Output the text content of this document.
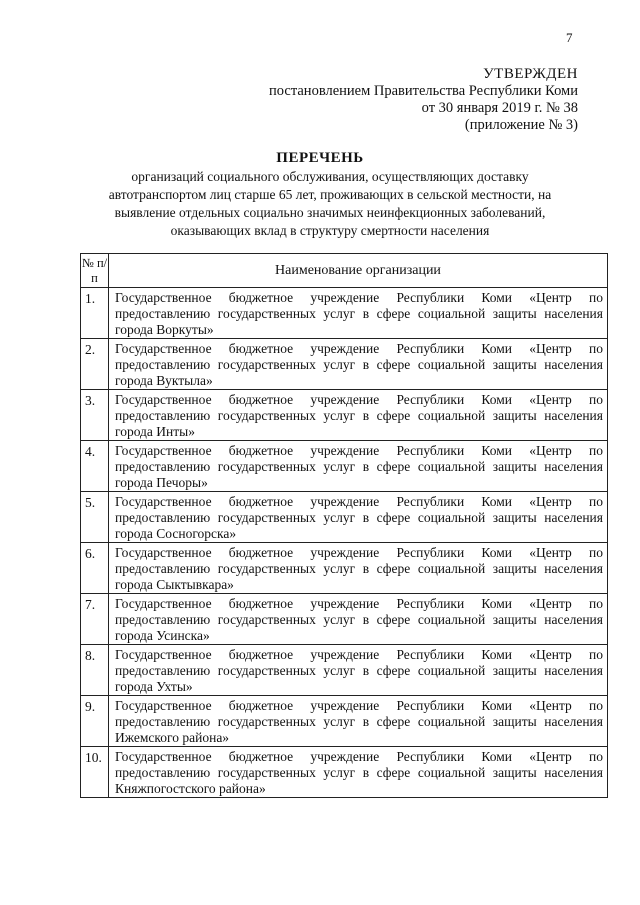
7
УТВЕРЖДЕН
постановлением Правительства Республики Коми
от 30 января 2019 г. № 38
(приложение № 3)
ПЕРЕЧЕНЬ
организаций социального обслуживания, осуществляющих доставку автотранспортом лиц старше 65 лет, проживающих в сельской местности, на выявление отдельных социально значимых неинфекционных заболеваний, оказывающих вклад в структуру смертности населения
№ п/п	Наименование организации
1.	Государственное бюджетное учреждение Республики Коми «Центр по предоставлению государственных услуг в сфере социальной защиты населения города Воркуты»
2.	Государственное бюджетное учреждение Республики Коми «Центр по предоставлению государственных услуг в сфере социальной защиты населения города Вуктыла»
3.	Государственное бюджетное учреждение Республики Коми «Центр по предоставлению государственных услуг в сфере социальной защиты населения города Инты»
4.	Государственное бюджетное учреждение Республики Коми «Центр по предоставлению государственных услуг в сфере социальной защиты населения города Печоры»
5.	Государственное бюджетное учреждение Республики Коми «Центр по предоставлению государственных услуг в сфере социальной защиты населения города Сосногорска»
6.	Государственное бюджетное учреждение Республики Коми «Центр по предоставлению государственных услуг в сфере социальной защиты населения города Сыктывкара»
7.	Государственное бюджетное учреждение Республики Коми «Центр по предоставлению государственных услуг в сфере социальной защиты населения города Усинска»
8.	Государственное бюджетное учреждение Республики Коми «Центр по предоставлению государственных услуг в сфере социальной защиты населения города Ухты»
9.	Государственное бюджетное учреждение Республики Коми «Центр по предоставлению государственных услуг в сфере социальной защиты населения Ижемского района»
10.	Государственное бюджетное учреждение Республики Коми «Центр по предоставлению государственных услуг в сфере социальной защиты населения Княжпогостского района»
